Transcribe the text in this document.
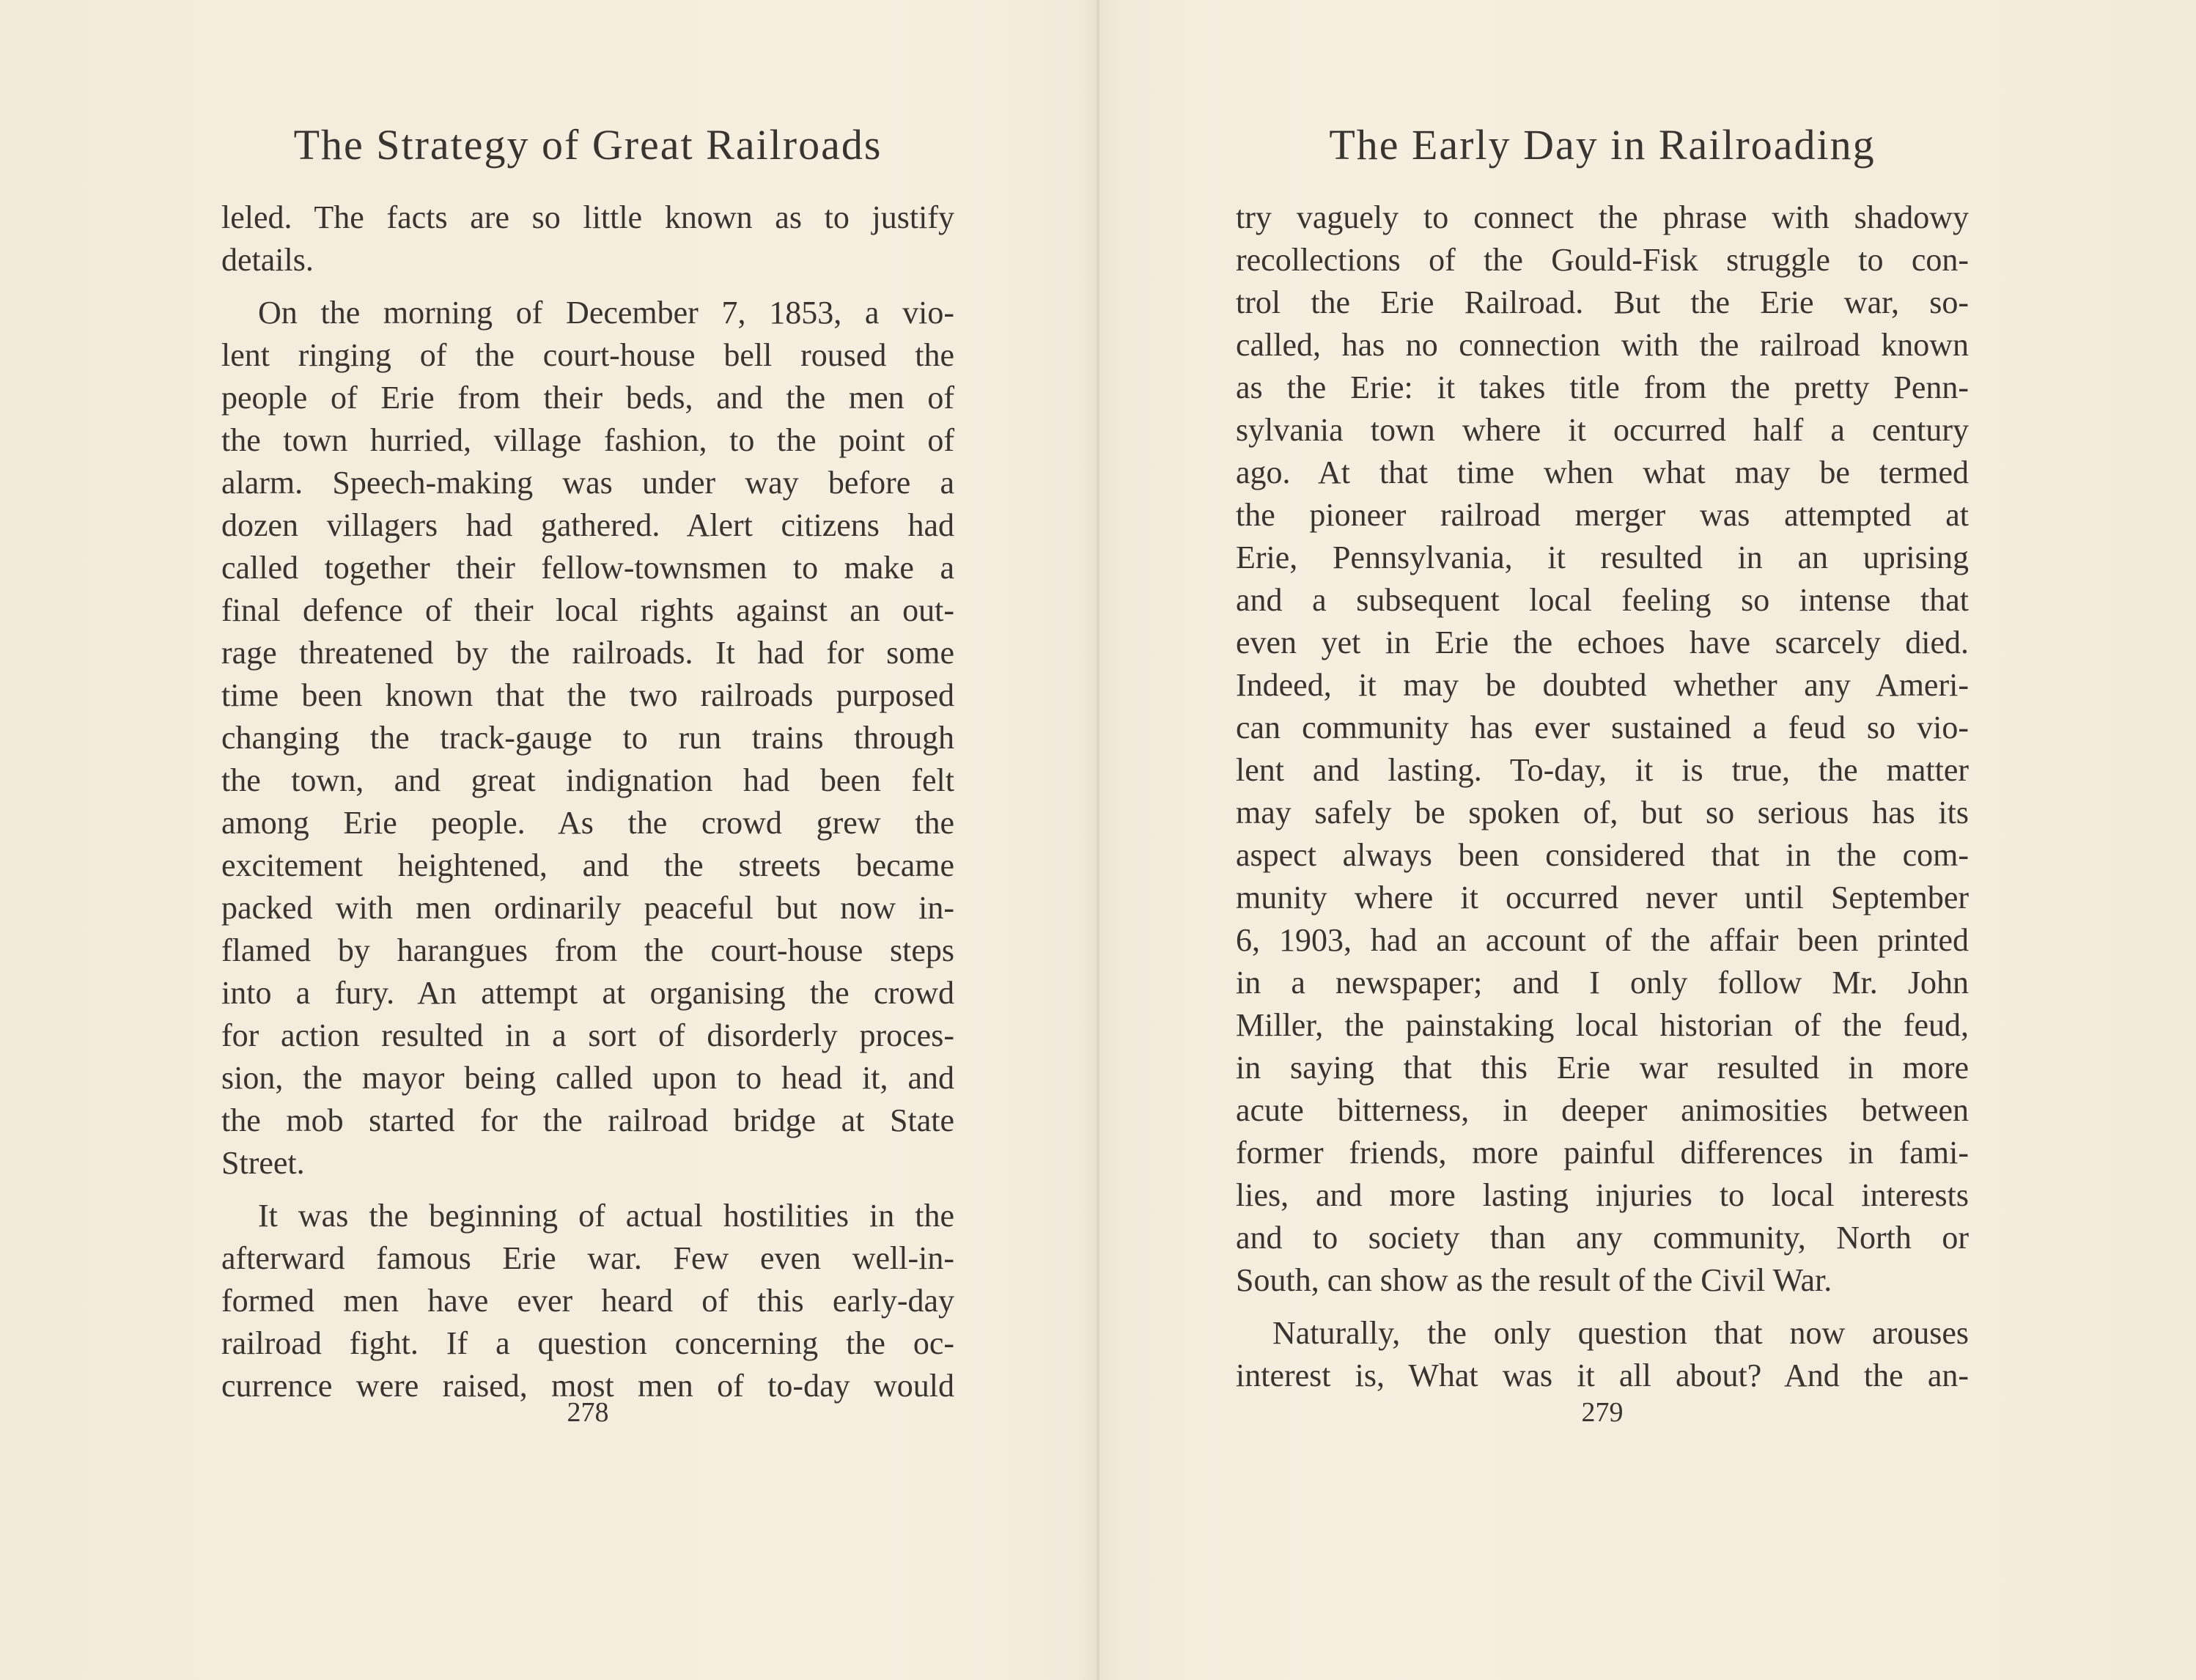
The Strategy of Great Railroads
leled. The facts are so little known as to justify
details.
On the morning of December 7, 1853, a vio-
lent ringing of the court-house bell roused the
people of Erie from their beds, and the men of
the town hurried, village fashion, to the point of
alarm. Speech-making was under way before a
dozen villagers had gathered. Alert citizens had
called together their fellow-townsmen to make a
final defence of their local rights against an out-
rage threatened by the railroads. It had for some
time been known that the two railroads purposed
changing the track-gauge to run trains through
the town, and great indignation had been felt
among Erie people. As the crowd grew the
excitement heightened, and the streets became
packed with men ordinarily peaceful but now in-
flamed by harangues from the court-house steps
into a fury. An attempt at organising the crowd
for action resulted in a sort of disorderly proces-
sion, the mayor being called upon to head it, and
the mob started for the railroad bridge at State
Street.
It was the beginning of actual hostilities in the
afterward famous Erie war. Few even well-in-
formed men have ever heard of this early-day
railroad fight. If a question concerning the oc-
currence were raised, most men of to-day would
278
The Early Day in Railroading
try vaguely to connect the phrase with shadowy
recollections of the Gould-Fisk struggle to con-
trol the Erie Railroad. But the Erie war, so-
called, has no connection with the railroad known
as the Erie: it takes title from the pretty Penn-
sylvania town where it occurred half a century
ago. At that time when what may be termed
the pioneer railroad merger was attempted at
Erie, Pennsylvania, it resulted in an uprising
and a subsequent local feeling so intense that
even yet in Erie the echoes have scarcely died.
Indeed, it may be doubted whether any Ameri-
can community has ever sustained a feud so vio-
lent and lasting. To-day, it is true, the matter
may safely be spoken of, but so serious has its
aspect always been considered that in the com-
munity where it occurred never until September
6, 1903, had an account of the affair been printed
in a newspaper; and I only follow Mr. John
Miller, the painstaking local historian of the feud,
in saying that this Erie war resulted in more
acute bitterness, in deeper animosities between
former friends, more painful differences in fami-
lies, and more lasting injuries to local interests
and to society than any community, North or
South, can show as the result of the Civil War.
Naturally, the only question that now arouses
interest is, What was it all about? And the an-
279
